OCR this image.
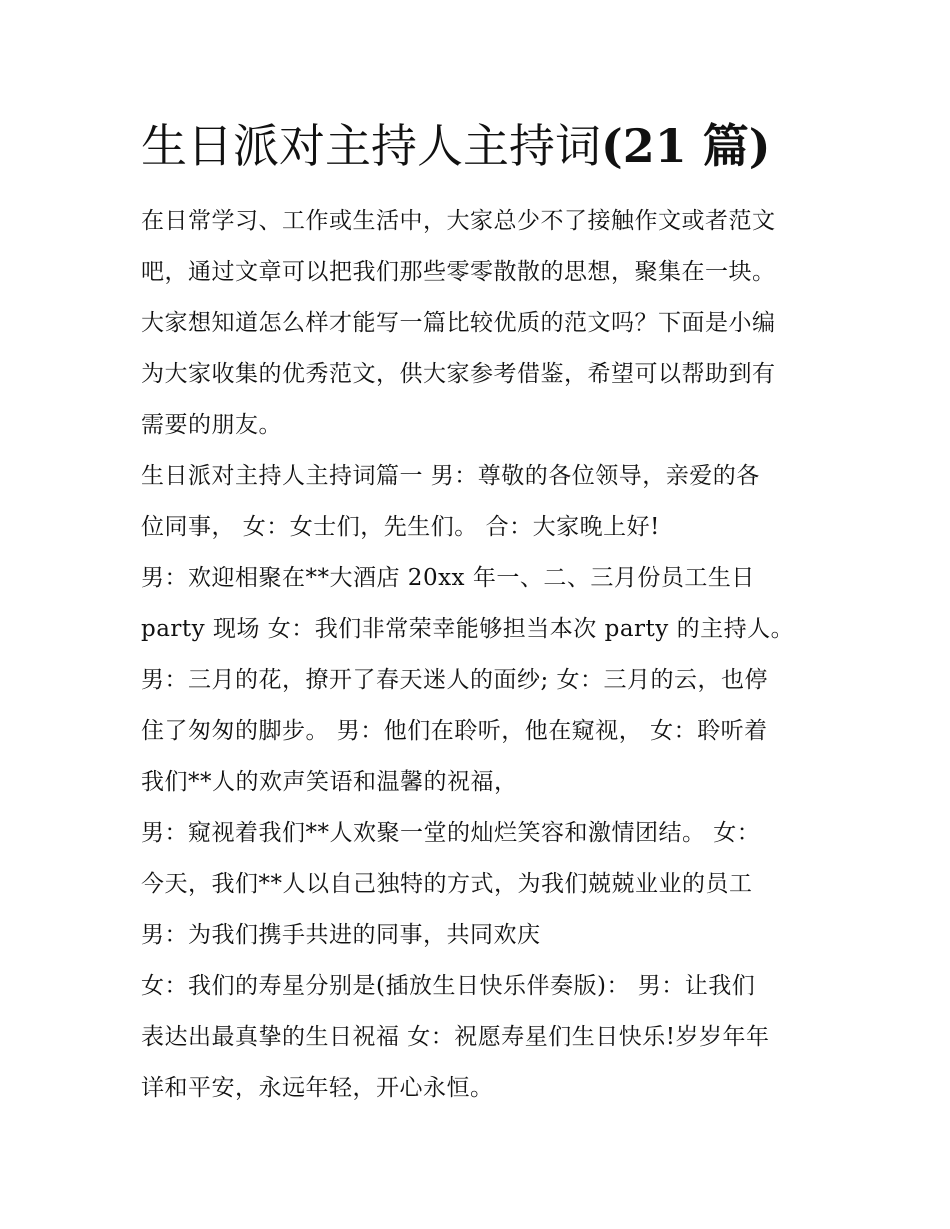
生日派对主持人主持词(21 篇)
在日常学习、工作或生活中，大家总少不了接触作文或者范文
吧，通过文章可以把我们那些零零散散的思想，聚集在一块。
大家想知道怎么样才能写一篇比较优质的范文吗？下面是小编
为大家收集的优秀范文，供大家参考借鉴，希望可以帮助到有
需要的朋友。
生日派对主持人主持词篇一 男：尊敬的各位领导，亲爱的各
位同事， 女：女士们，先生们。 合：大家晚上好!
男：欢迎相聚在**大酒店 20xx 年一、二、三月份员工生日
party 现场 女：我们非常荣幸能够担当本次 party 的主持人。
男：三月的花，撩开了春天迷人的面纱; 女：三月的云，也停
住了匆匆的脚步。 男：他们在聆听，他在窥视， 女：聆听着
我们**人的欢声笑语和温馨的祝福，
男：窥视着我们**人欢聚一堂的灿烂笑容和激情团结。 女：
今天，我们**人以自己独特的方式，为我们兢兢业业的员工
男：为我们携手共进的同事，共同欢庆
女：我们的寿星分别是(插放生日快乐伴奏版)： 男：让我们
表达出最真挚的生日祝福 女：祝愿寿星们生日快乐!岁岁年年
详和平安，永远年轻，开心永恒。
